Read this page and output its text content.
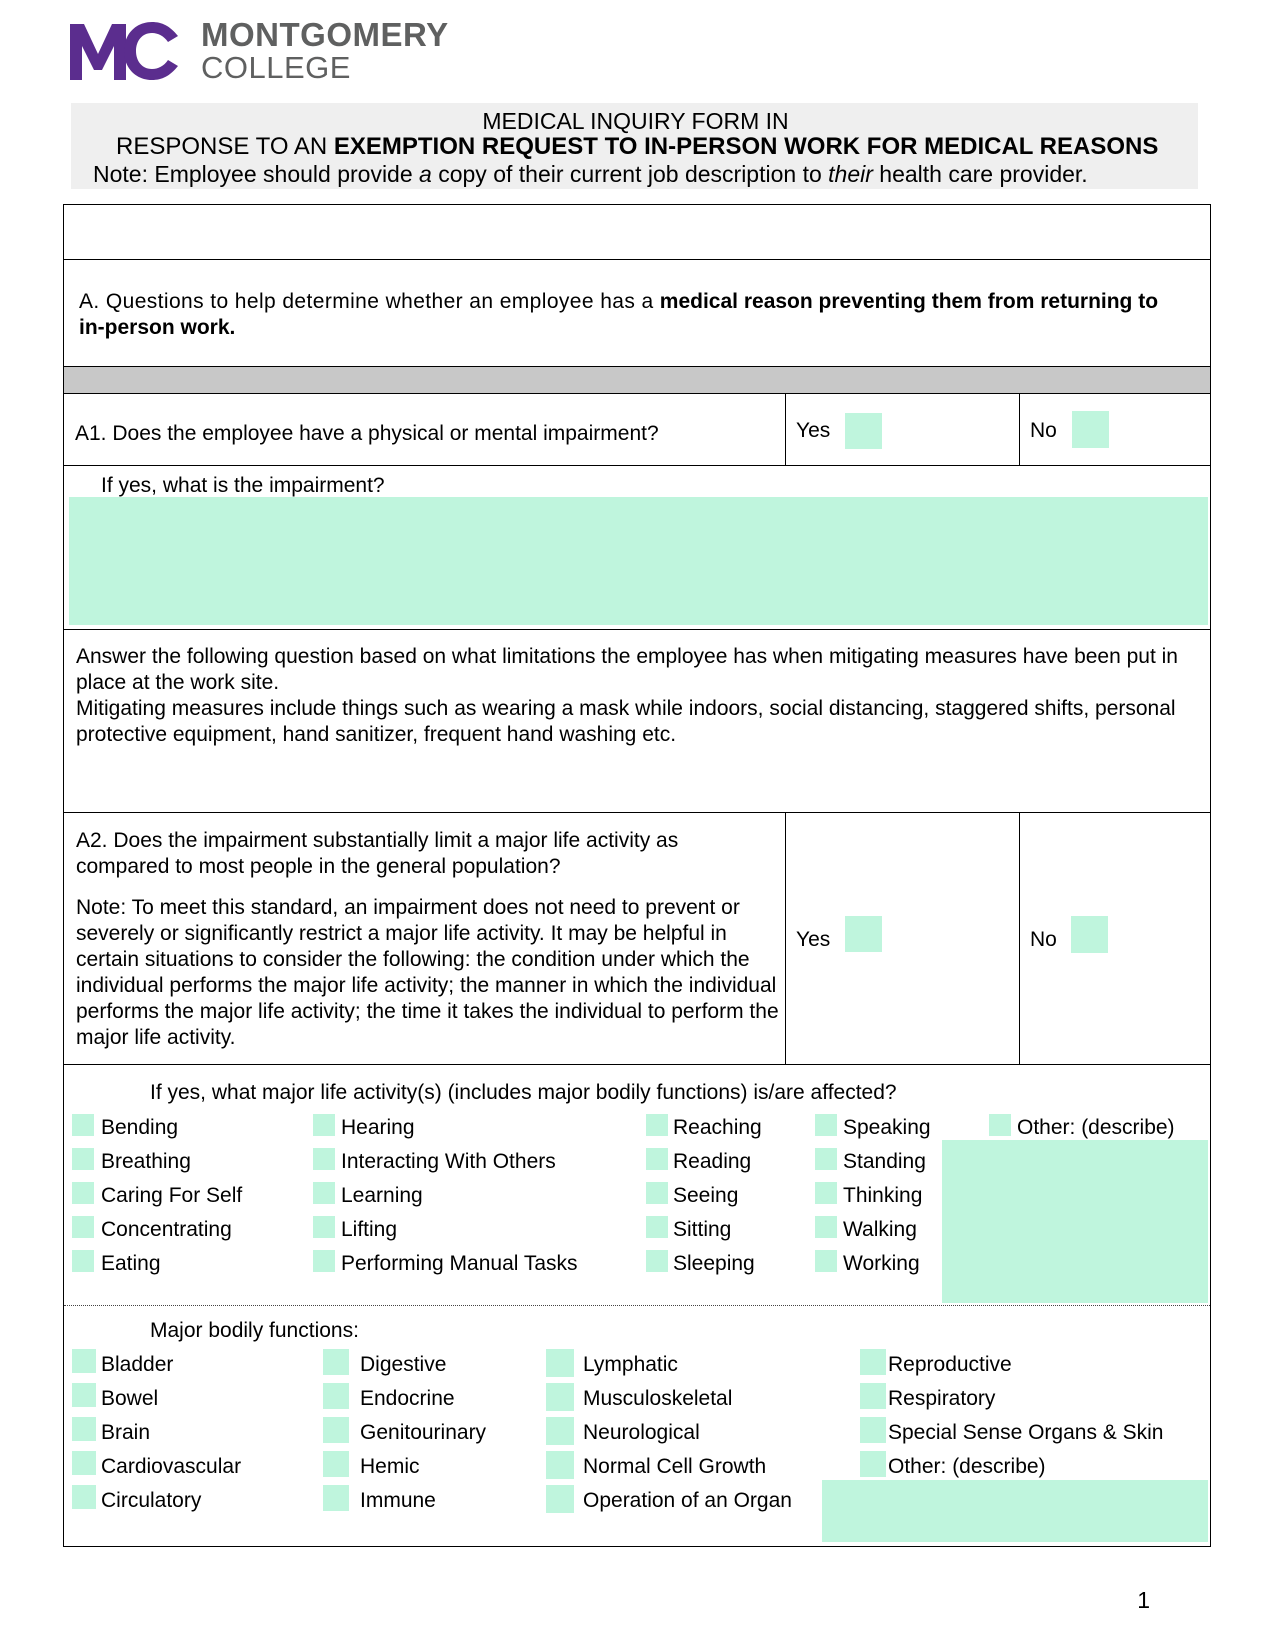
MONTGOMERY
COLLEGE
MEDICAL INQUIRY FORM IN
RESPONSE TO AN EXEMPTION REQUEST TO IN-PERSON WORK FOR MEDICAL REASONS
Note: Employee should provide a copy of their current job description to their health care provider.
A. Questions to help determine whether an employee has a medical reason preventing them from returning to in-person work.
A1. Does the employee have a physical or mental impairment?	Yes	No
If yes, what is the impairment?
Answer the following question based on what limitations the employee has when mitigating measures have been put in place at the work site.
Mitigating measures include things such as wearing a mask while indoors, social distancing, staggered shifts, personal protective equipment, hand sanitizer, frequent hand washing etc.
A2. Does the impairment substantially limit a major life activity as compared to most people in the general population?
Note: To meet this standard, an impairment does not need to prevent or severely or significantly restrict a major life activity. It may be helpful in certain situations to consider the following: the condition under which the individual performs the major life activity; the manner in which the individual performs the major life activity; the time it takes the individual to perform the major life activity.
Yes	No
If yes, what major life activity(s) (includes major bodily functions) is/are affected?
Bending
Breathing
Caring For Self
Concentrating
Eating
Hearing
Interacting With Others
Learning
Lifting
Performing Manual Tasks
Reaching
Reading
Seeing
Sitting
Sleeping
Speaking
Standing
Thinking
Walking
Working
Other: (describe)
Major bodily functions:
Bladder
Bowel
Brain
Cardiovascular
Circulatory
Digestive
Endocrine
Genitourinary
Hemic
Immune
Lymphatic
Musculoskeletal
Neurological
Normal Cell Growth
Operation of an Organ
Reproductive
Respiratory
Special Sense Organs & Skin
Other: (describe)
1
